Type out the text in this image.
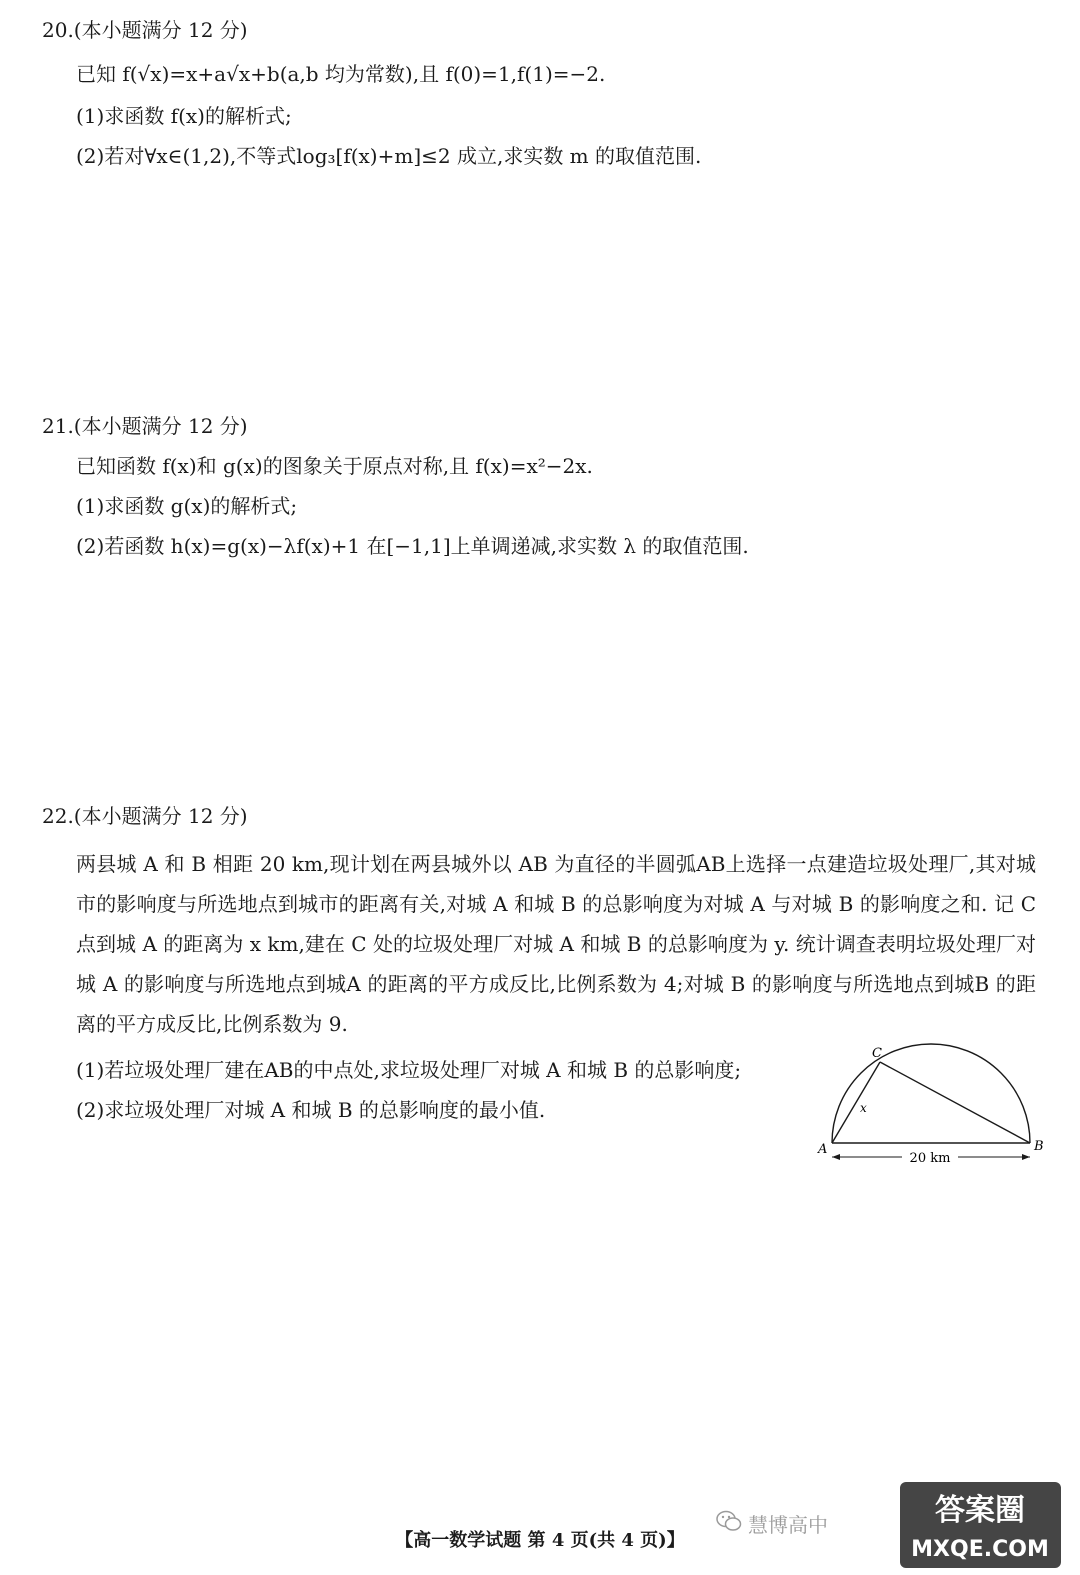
20.(本小题满分 12 分)
已知 f(√x)=x+a√x+b(a,b 均为常数),且 f(0)=1,f(1)=−2.
(1)求函数 f(x)的解析式;
(2)若对∀x∈(1,2),不等式log₃[f(x)+m]≤2 成立,求实数 m 的取值范围.
21.(本小题满分 12 分)
已知函数 f(x)和 g(x)的图象关于原点对称,且 f(x)=x²−2x.
(1)求函数 g(x)的解析式;
(2)若函数 h(x)=g(x)−λf(x)+1 在[−1,1]上单调递减,求实数 λ 的取值范围.
22.(本小题满分 12 分)
两县城 A 和 B 相距 20 km,现计划在两县城外以 AB 为直径的半圆弧AB上选择一点建造垃圾处理厂,其对城市的影响度与所选地点到城市的距离有关,对城 A 和城 B 的总影响度为对城 A 与对城 B 的影响度之和. 记 C 点到城 A 的距离为 x km,建在 C 处的垃圾处理厂对城 A 和城 B 的总影响度为 y. 统计调查表明垃圾处理厂对城 A 的影响度与所选地点到城A 的距离的平方成反比,比例系数为 4;对城 B 的影响度与所选地点到城B 的距离的平方成反比,比例系数为 9.
(1)若垃圾处理厂建在AB的中点处,求垃圾处理厂对城 A 和城 B 的总影响度;
(2)求垃圾处理厂对城 A 和城 B 的总影响度的最小值.
C
x
A	B
20 km
【高一数学试题 第 4 页(共 4 页)】
慧博高中	答案圈
MXQE.COM
